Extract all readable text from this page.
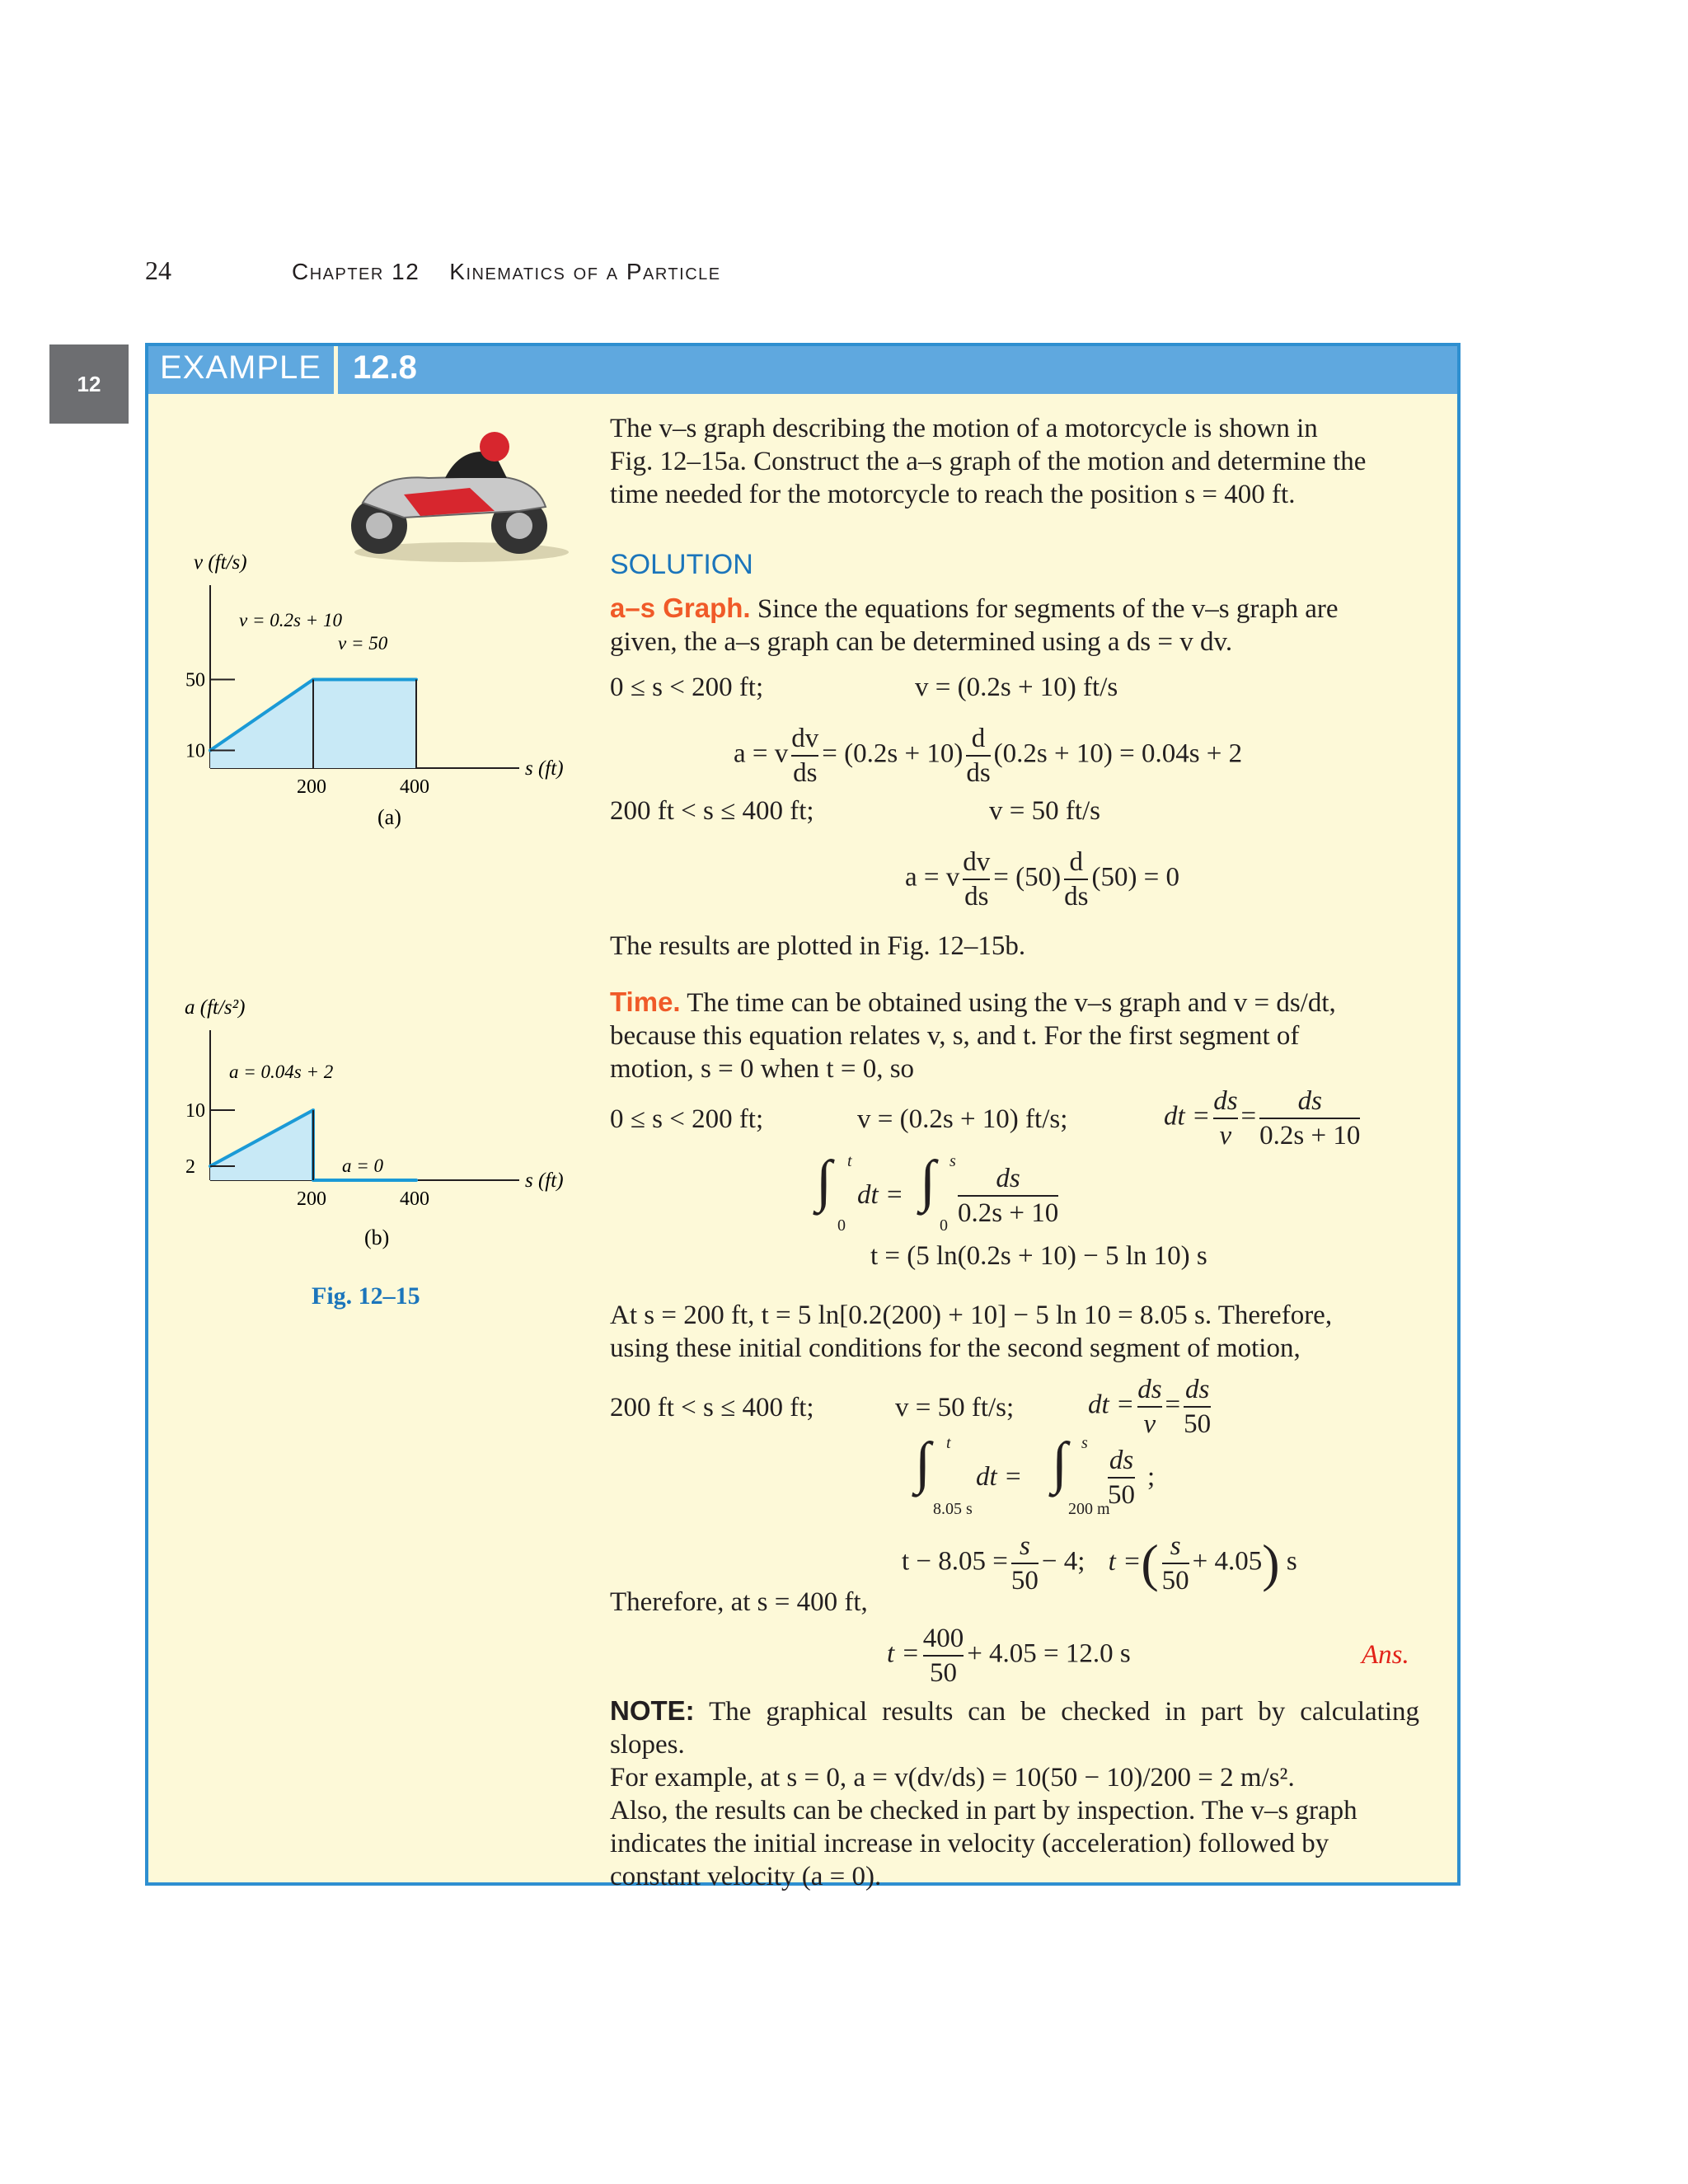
24	Chapter 12 Kinematics of a Particle
12	EXAMPLE 12.8
v (ft/s)
200	400
10
50
s (ft)
v = 0.2s + 10
v = 50
(a)
a (ft/s²)
200	400
2
10
s (ft)
a = 0.04s + 2
a = 0
(b)
Fig. 12–15
The v–s graph describing the motion of a motorcycle is shown in
Fig. 12–15a. Construct the a–s graph of the motion and determine the
time needed for the motorcycle to reach the position s = 400 ft.
SOLUTION
a–s Graph. Since the equations for segments of the v–s graph are
given, the a–s graph can be determined using a ds = v dv.
0 ≤ s < 200 ft;	v = (0.2s + 10) ft/s
a = v $\frac{dv}{ds} = (0.2s + 10) \frac{d}{ds} (0.2s + 10) = 0.04s + 2$
200 ft < s ≤ 400 ft;	v = 50 ft/s
a = v $\frac{dv}{ds} = (50) \frac{d}{ds} (50) = 0$
The results are plotted in Fig. 12–15b.
Time. The time can be obtained using the v–s graph and v = ds/dt,
because this equation relates v, s, and t. For the first segment of
motion, s = 0 when t = 0, so
0 ≤ s < 200 ft;	v = (0.2s + 10) ft/s;	dt = $\frac{ds}{v} = \frac{ds}{0.2s + 10}$
∫ t
0
dt = ∫ s
$0 \frac{ds}{0.2s + 10}$
t = (5 ln(0.2s + 10) − 5 ln 10) s
At s = 200 ft, t = 5 ln[0.2(200) + 10] − 5 ln 10 = 8.05 s. Therefore,
using these initial conditions for the second segment of motion,
200 ft < s ≤ 400 ft;	v = 50 ft/s;	dt = $\frac{ds}{v} = \frac{ds}{50}$
∫ t
8.05 s
dt = ∫ s
200 m
$\frac{ds}{50}$ ;
$t - 8.05 = \frac{s}{50} - 4$; t =( $\frac{s}{50} + 4.05$) s
Therefore, at s = 400 ft,
$t = \frac{400}{50} + 4.05 = 12.0$ s	Ans.
NOTE: The graphical results can be checked in part by calculating slopes.
For example, at s = 0, a = v(dv/ds) = 10(50 − 10)/200 = 2 m/s².
Also, the results can be checked in part by inspection. The v–s graph
indicates the initial increase in velocity (acceleration) followed by
constant velocity (a = 0).
